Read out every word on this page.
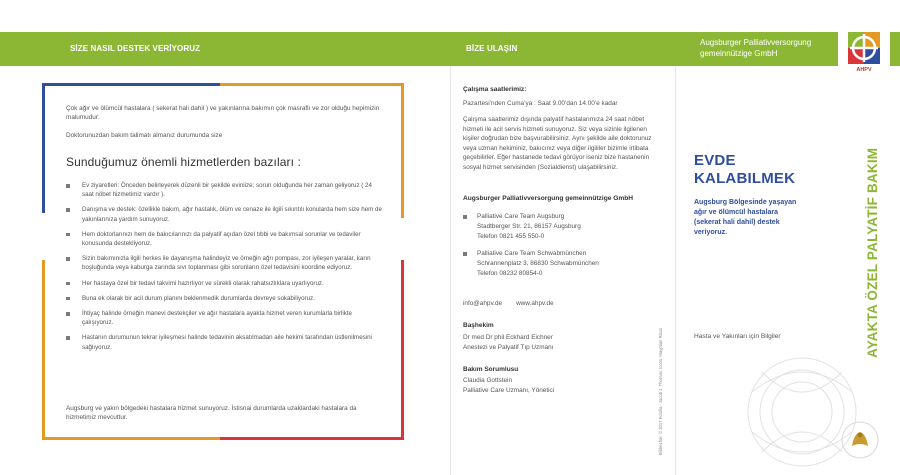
SİZE NASIL DESTEK VERİYORUZ	BİZE ULAŞIN
Augsburger Palliativversorgung gemeinnützige GmbH
AHPV
Çok ağır ve ölümcül hastalara ( sekerat hali dahil ) ve yakınlarına bakımın çok masraflı ve zor olduğu hepimizin malumudur:
Doktorunuzdan bakım talimatı almanız durumunda size
Sunduğumuz önemli hizmetlerden bazıları :
Ev ziyaretleri: Önceden belirleyerek düzenli bir şekilde eviniize; sorun olduğunda her zaman geliyoruz ( 24 saat nöbet hizmetimiz vardır ).
Danışma ve destek: özellikle bakım, ağır hastalık, ölüm ve cenaze ile ilgili sıkıntılı konularda hem size hem de yakınlarınıza yardım sunuyoruz.
Hem doktorlarınızı hem de bakıcılarınızı da palyatif açıdan özel tıbbi ve bakımsal sorunlar ve tedaviler konusunda destekliyoruz.
Sizin bakımınızla ilgili herkes ile dayanışma halindeyiz ve örneğin ağrı pompası, zor iyileşen yaralar, karın boşluğunda veya kaburga zarında sıvı toplanması gibi sorunların özel tedavisini koordine ediyoruz.
Her hastaya özel bir tedavi takvimi hazırlıyor ve sürekli olarak rahatsızlıklara uyarlıyoruz.
Buna ek olarak bir acil durum planını beklenmedik durumlarda devreye sokabiliyoruz.
İhtiyaç halinde örneğin manevi destekçiler ve ağır hastalara ayakta hizmet veren kurumlarla birlikte çalışıyoruz.
Hastanın durumunun tekrar iyileşmesi halinde tedavinin aksatılmadan aile hekimi tarafından üstlenilmesini sağlıyoruz.
Augsburg ve yakın bölgedeki hastalara hizmet sunuyoruz. İstisnai durumlarda uzaklardaki hastalara da hizmetimiz mevcuttur.
Çalışma saatlerimiz:
Pazartesi’nden Cuma’ya : Saat 9.00’dan 14.00’e kadar
Çalışma saatlerimiz dışında palyatif hastalarımıza 24 saat nöbet hizmeti ile acil servis hizmeti sunuyoruz. Siz veya sizinle ilgilenen kişiler doğrudan bize başvurabilirsiniz. Aynı şekilde aile doktorunuz veya uzman hekiminiz, bakıcınız veya diğer ilgililer bizimle irtibata geçebilirler. Eğer hastanede tedavi görüyor iseniz bize hastanenin sosyal hizmet servisinden (Sozialdienst) ulaşabilirsiniz.
Augsburger Palliativversorgung gemeinnützige GmbH
Palliative Care Team Augsburg
Stadtberger Str. 21, 86157 Augsburg
Telefon 0821 455 550-0
Palliative Care Team Schwabmünchen
Schrannenplatz 3, 86830 Schwabmünchen
Telefon 08232 80854-0
info@ahpv.de www.ahpv.de
Başhekim
Dr med Dr phil Eckhard Eichner
Anestezi ve Palyatif Tıp Uzmanı
Bakım Sorumlusu
Claudia Gottstein
Palliative Care Uzmanı, Yönetici	Bildrechte: © 2017 Fotolia - Jacob J. Thomas; Icons: Mayptian Risus
EVDE
KALABILMEK
Augsburg Bölgesinde yaşayan ağır ve ölümcül hastalara (sekerat hali dahil) destek veriyoruz.
Hasta ve Yakınları için Bilgiler	AYAKTA ÖZEL PALYATİF BAKIM
